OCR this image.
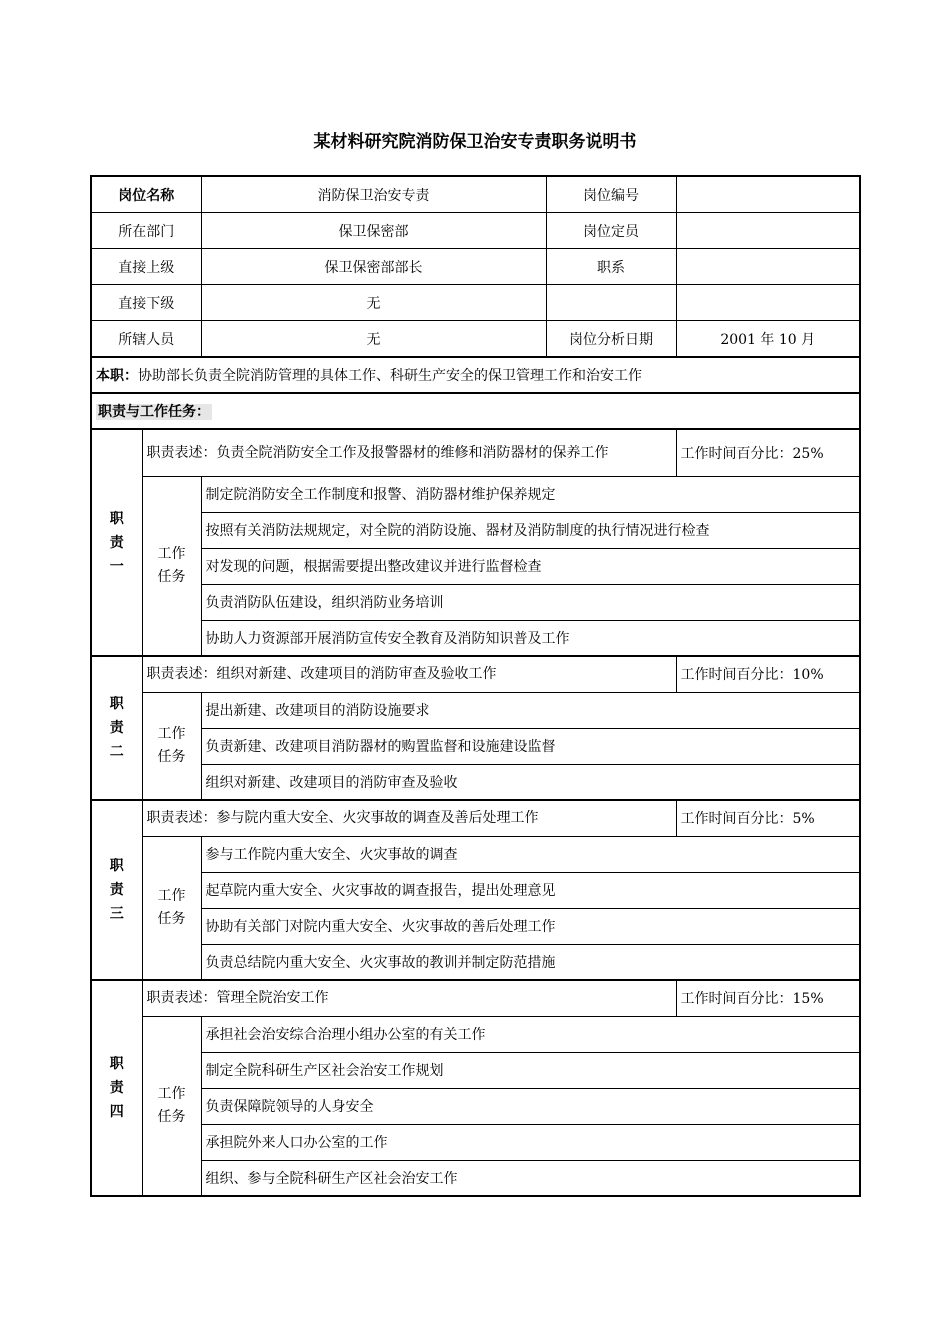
某材料研究院消防保卫治安专责职务说明书
岗位名称		消防保卫治安专责	岗位编号	
所在部门		保卫保密部	岗位定员	
直接上级		保卫保密部部长	职系	
直接下级		无		
所辖人员		无	岗位分析日期	2001 年 10 月
本职：协助部长负责全院消防管理的具体工作、科研生产安全的保卫管理工作和治安工作				
职责与工作任务：				

职
责
一	职责表述：负责全院消防安全工作及报警器材的维修和消防器材的保养工作			工作时间百分比：25%

	工作
任务	制定院消防安全工作制度和报警、消防器材维护保养规定		
		按照有关消防法规规定，对全院的消防设施、器材及消防制度的执行情况进行检查		
		对发现的问题，根据需要提出整改建议并进行监督检查		
		负责消防队伍建设，组织消防业务培训		
		协助人力资源部开展消防宣传安全教育及消防知识普及工作		

职
责
二	职责表述：组织对新建、改建项目的消防审查及验收工作			工作时间百分比：10%

	工作
任务	提出新建、改建项目的消防设施要求		
		负责新建、改建项目消防器材的购置监督和设施建设监督		
		组织对新建、改建项目的消防审查及验收		

职
责
三	职责表述：参与院内重大安全、火灾事故的调查及善后处理工作			工作时间百分比：5%

	工作
任务	参与工作院内重大安全、火灾事故的调查		
		起草院内重大安全、火灾事故的调查报告，提出处理意见		
		协助有关部门对院内重大安全、火灾事故的善后处理工作		
		负责总结院内重大安全、火灾事故的教训并制定防范措施		

职
责
四	职责表述：管理全院治安工作			工作时间百分比：15%

	工作
任务	承担社会治安综合治理小组办公室的有关工作		
		制定全院科研生产区社会治安工作规划		
		负责保障院领导的人身安全		
		承担院外来人口办公室的工作		
		组织、参与全院科研生产区社会治安工作		
